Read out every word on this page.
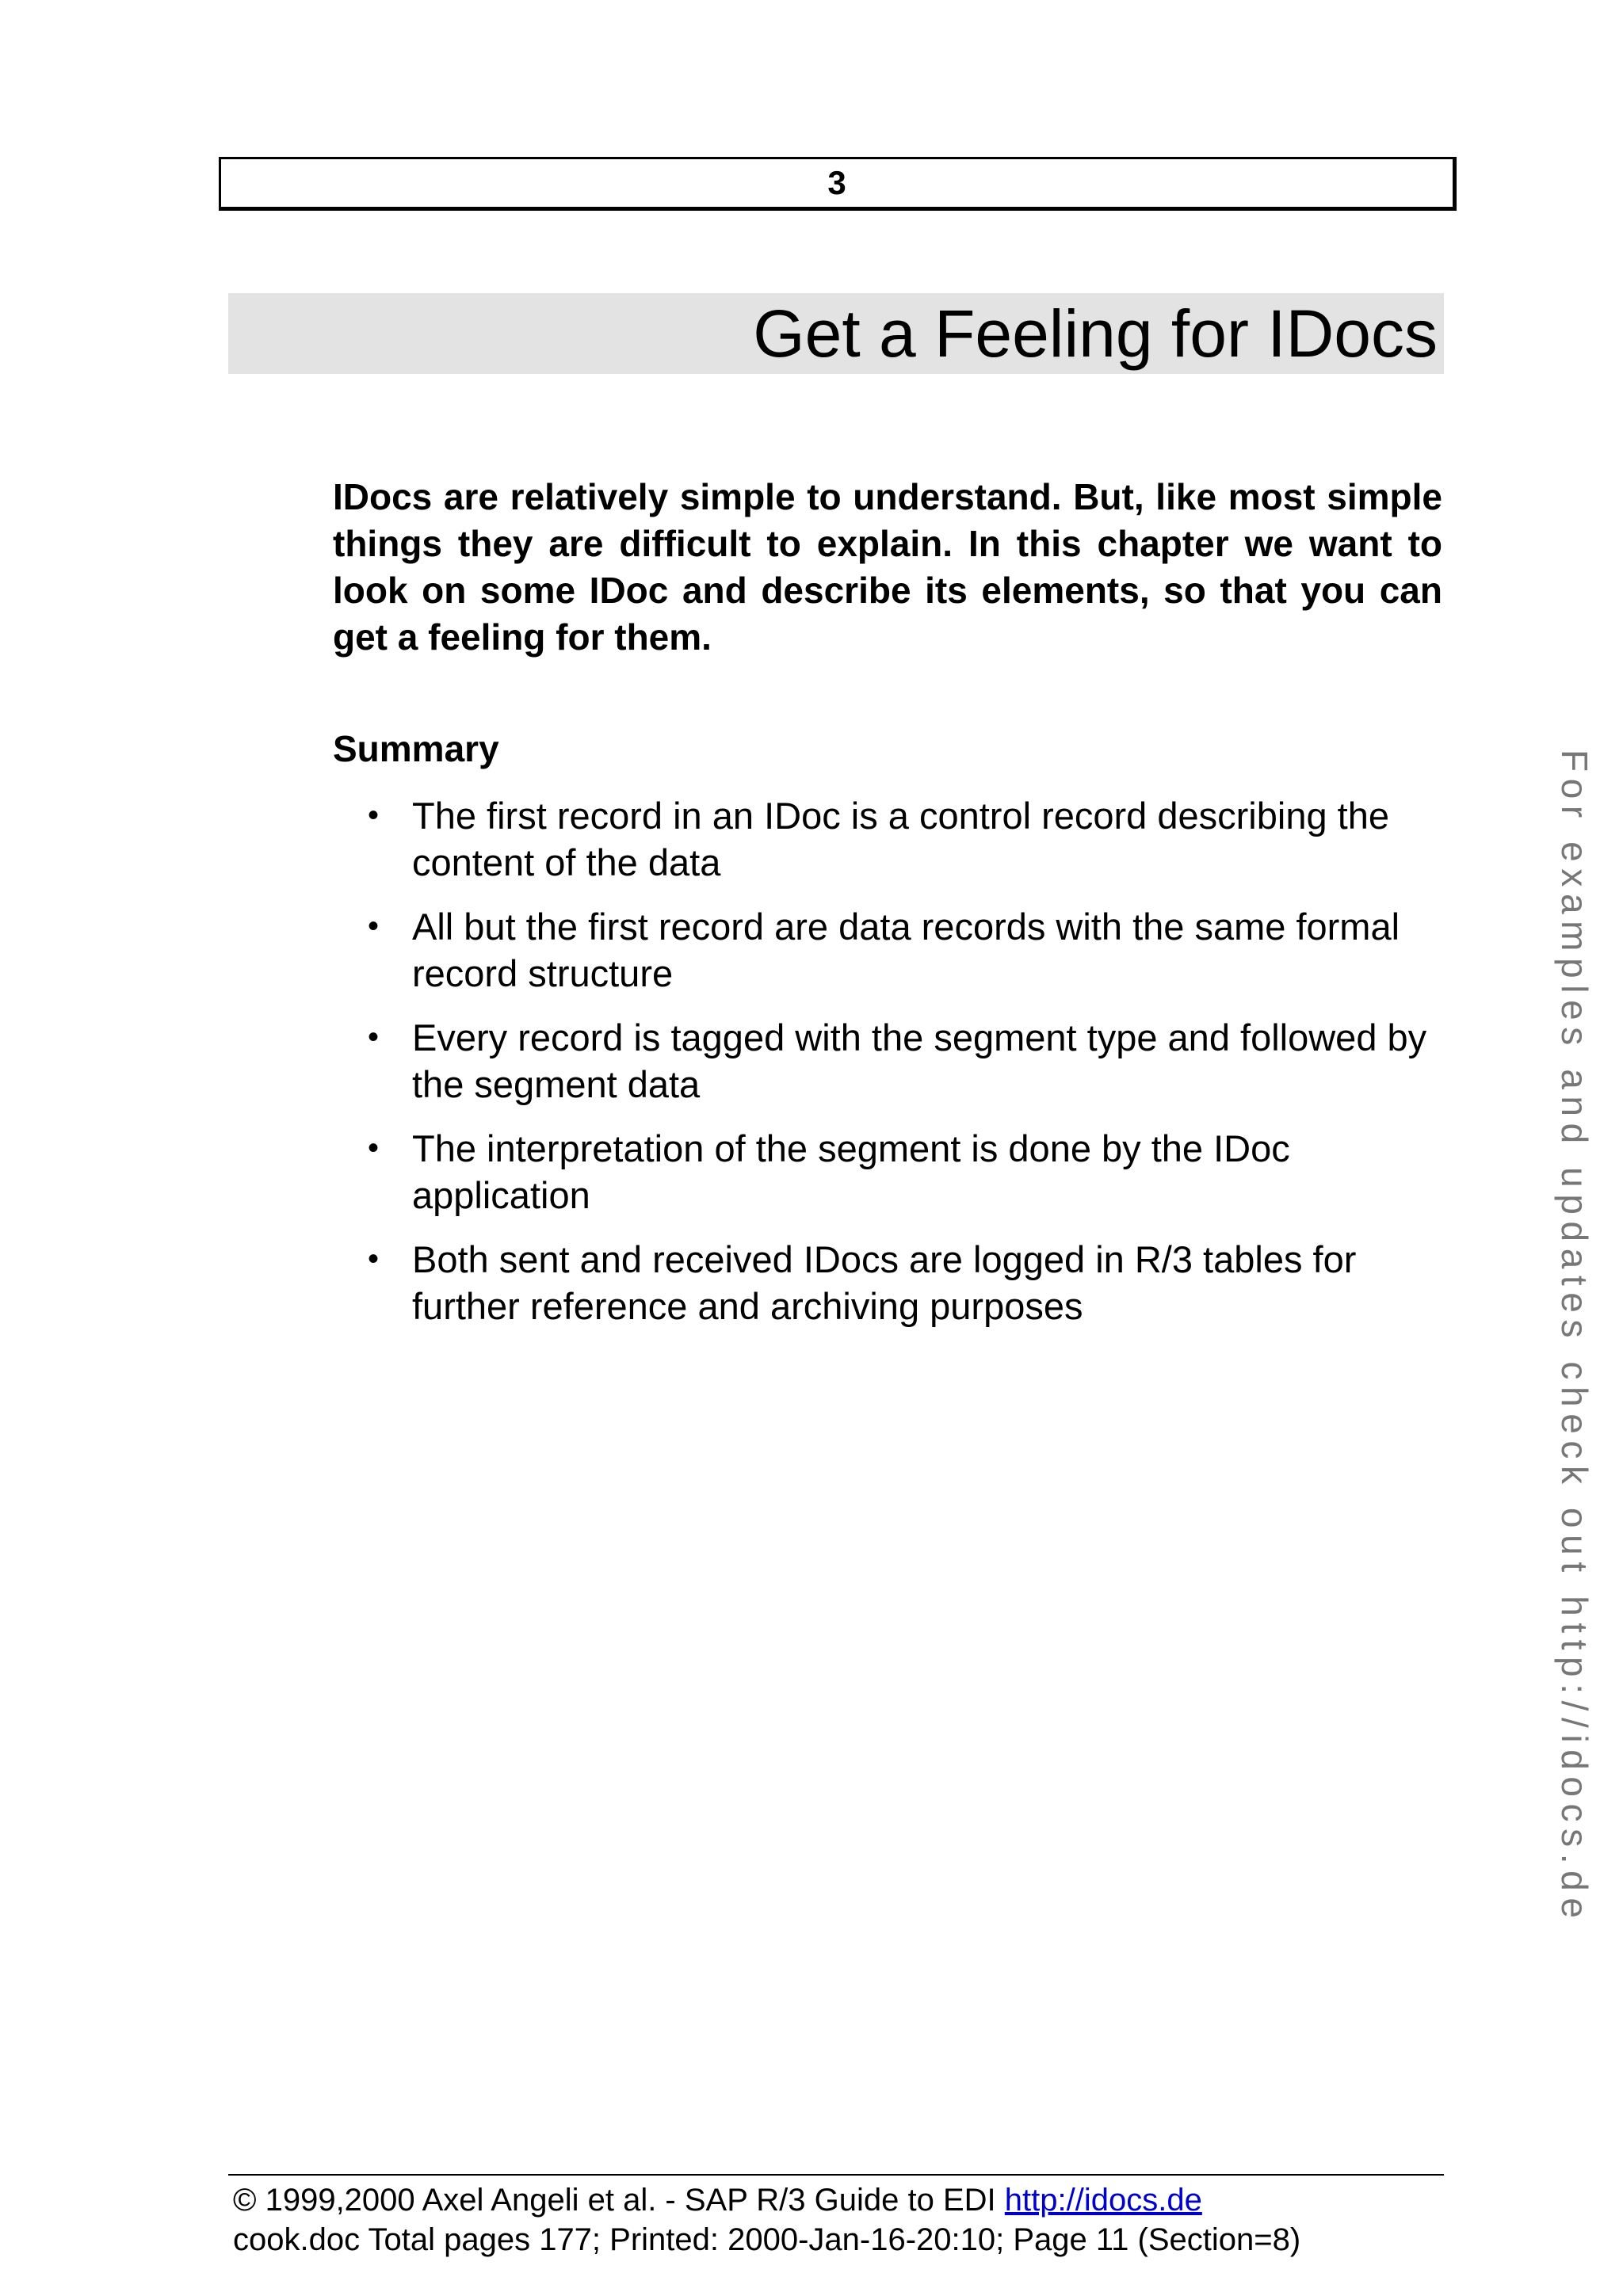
3
Get a Feeling for IDocs

IDocs are relatively simple to understand. But, like most simple things they are difficult to explain. In this chapter we want to look on some IDoc and describe its elements, so that you can get a feeling for them.

Summary
• The first record in an IDoc is a control record describing the content of the data
• All but the first record are data records with the same formal record structure
• Every record is tagged with the segment type and followed by the segment data
• The interpretation of the segment is done by the IDoc application
• Both sent and received IDocs are logged in R/3 tables for further reference and archiving purposes	For examples and updates check out http://idocs.de
© 1999,2000 Axel Angeli et al. - SAP R/3 Guide to EDI http://idocs.de
cook.doc Total pages 177; Printed: 2000-Jan-16-20:10; Page 11 (Section=8)
